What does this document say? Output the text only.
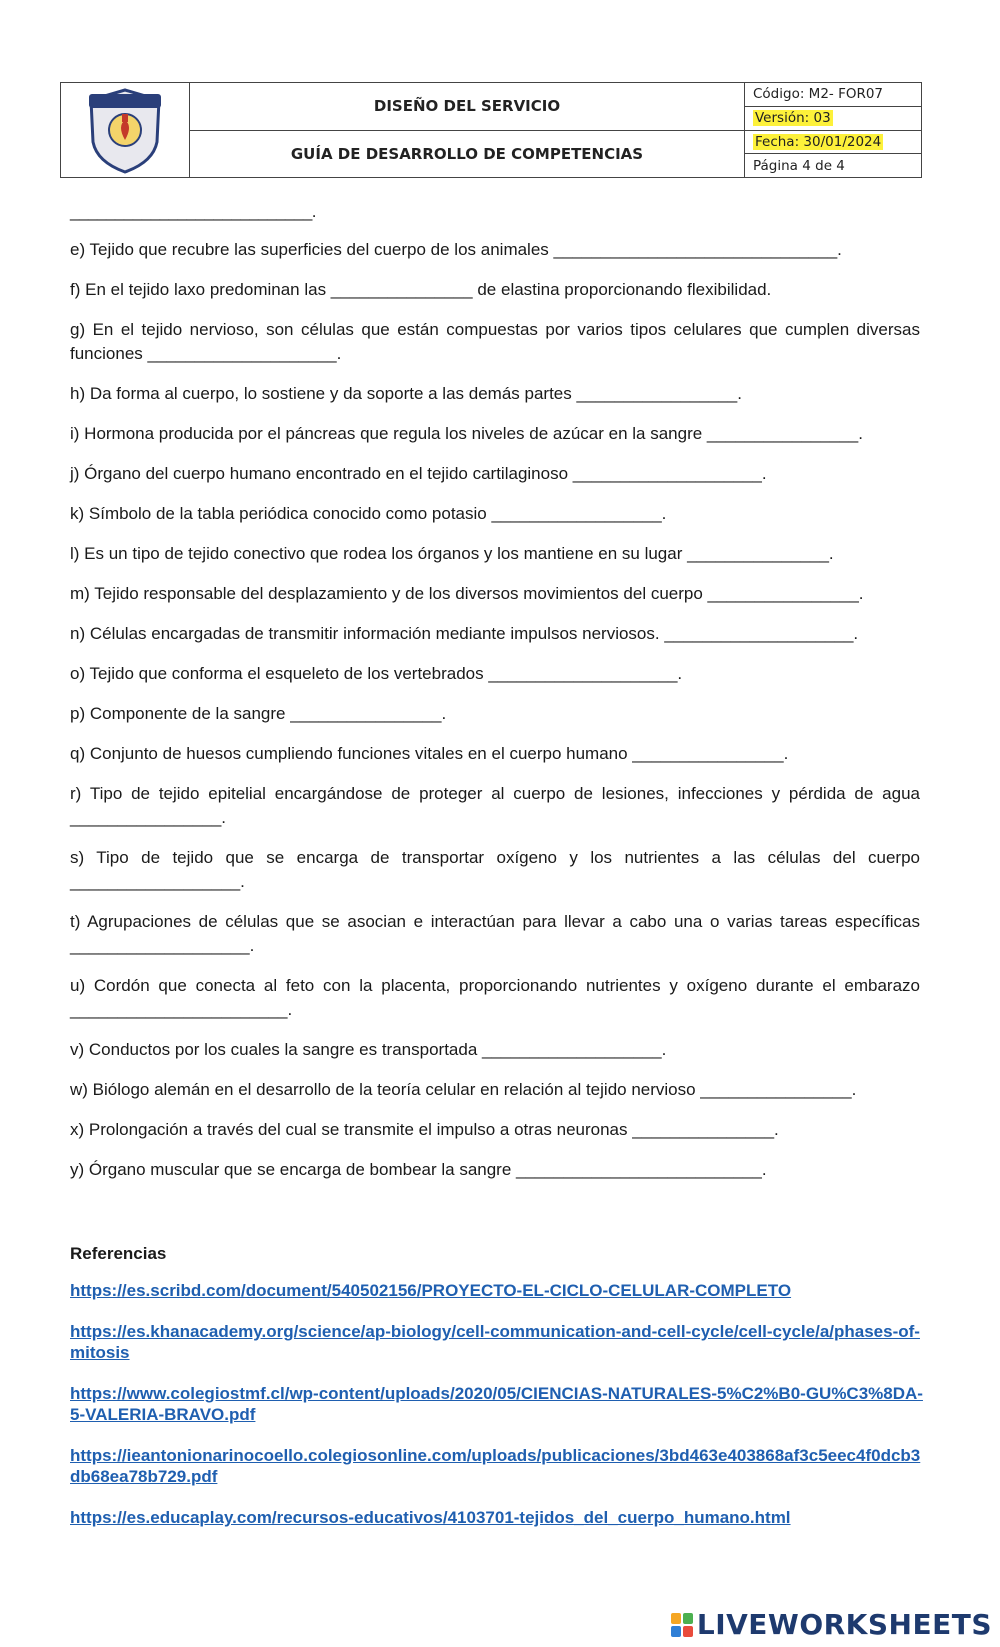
DISEÑO DEL SERVICIO
GUÍA DE DESARROLLO DE COMPETENCIAS
Código: M2- FOR07
Versión: 03
Fecha: 30/01/2024
Página 4 de 4
___________________________.

e) Tejido que recubre las superficies del cuerpo de los animales ______________________________.

f) En el tejido laxo predominan las _______________ de elastina proporcionando flexibilidad.

g) En el tejido nervioso, son células que están compuestas por varios tipos celulares que cumplen diversas funciones ____________________.

h) Da forma al cuerpo, lo sostiene y da soporte a las demás partes _________________.

i) Hormona producida por el páncreas que regula los niveles de azúcar en la sangre ________________.

j) Órgano del cuerpo humano encontrado en el tejido cartilaginoso ____________________.

k) Símbolo de la tabla periódica conocido como potasio __________________.

l) Es un tipo de tejido conectivo que rodea los órganos y los mantiene en su lugar _______________.

m) Tejido responsable del desplazamiento y de los diversos movimientos del cuerpo ________________.

n) Células encargadas de transmitir información mediante impulsos nerviosos. ____________________.

o) Tejido que conforma el esqueleto de los vertebrados ____________________.

p) Componente de la sangre ________________.

q) Conjunto de huesos cumpliendo funciones vitales en el cuerpo humano ________________.

r) Tipo de tejido epitelial encargándose de proteger al cuerpo de lesiones, infecciones y pérdida de agua ________________.

s) Tipo de tejido que se encarga de transportar oxígeno y los nutrientes a las células del cuerpo __________________.

t) Agrupaciones de células que se asocian e interactúan para llevar a cabo una o varias tareas específicas ___________________.

u) Cordón que conecta al feto con la placenta, proporcionando nutrientes y oxígeno durante el embarazo _______________________.

v) Conductos por los cuales la sangre es transportada ___________________.

w) Biólogo alemán en el desarrollo de la teoría celular en relación al tejido nervioso ________________.

x) Prolongación a través del cual se transmite el impulso a otras neuronas _______________.

y) Órgano muscular que se encarga de bombear la sangre __________________________.

Referencias
https://es.scribd.com/document/540502156/PROYECTO-EL-CICLO-CELULAR-COMPLETO
https://es.khanacademy.org/science/ap-biology/cell-communication-and-cell-cycle/cell-cycle/a/phases-of-mitosis
https://www.colegiostmf.cl/wp-content/uploads/2020/05/CIENCIAS-NATURALES-5%C2%B0-GU%C3%8DA-5-VALERIA-BRAVO.pdf
https://ieantonionarinocoello.colegiosonline.com/uploads/publicaciones/3bd463e403868af3c5eec4f0dcb3db68ea78b729.pdf
https://es.educaplay.com/recursos-educativos/4103701-tejidos_del_cuerpo_humano.html
LIVEWORKSHEETS
